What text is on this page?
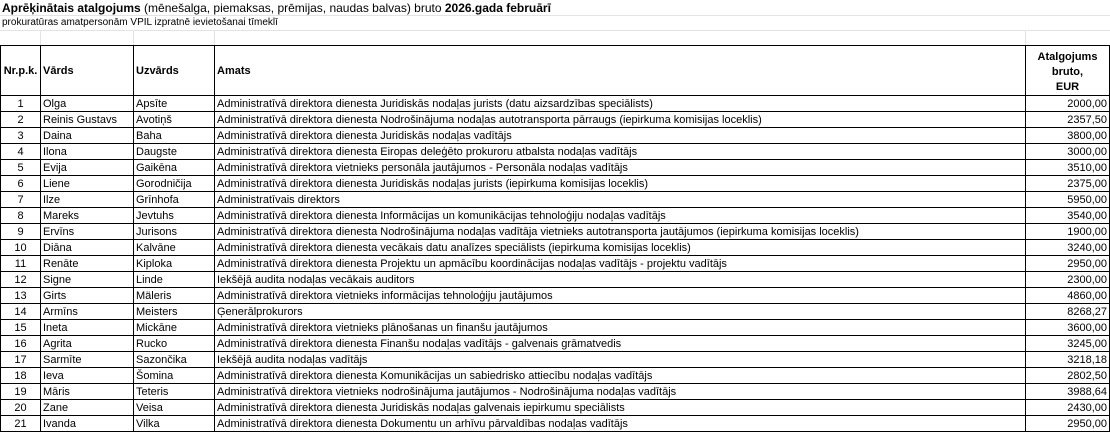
Aprēķinātais atalgojums (mēnešalga, piemaksas, prēmijas, naudas balvas) bruto 2026.gada februārī
prokuratūras amatpersonām VPIL izpratnē ievietošanai tīmeklī
Nr.p.k.	Vārds	Uzvārds	Amats	Atalgojums
bruto,
EUR
1	Olga	Apsīte	Administratīvā direktora dienesta Juridiskās nodaļas jurists (datu aizsardzības speciālists)	2000,00
2	Reinis Gustavs	Avotiņš	Administratīvā direktora dienesta Nodrošinājuma nodaļas autotransporta pārraugs (iepirkuma komisijas loceklis)	2357,50
3	Daina	Baha	Administratīvā direktora dienesta Juridiskās nodaļas vadītājs	3800,00
4	Ilona	Daugste	Administratīvā direktora dienesta Eiropas deleģēto prokuroru atbalsta nodaļas vadītājs	3000,00
5	Evija	Gaikēna	Administratīvā direktora vietnieks personāla jautājumos - Personāla nodaļas vadītājs	3510,00
6	Liene	Gorodničija	Administratīvā direktora dienesta Juridiskās nodaļas jurists (iepirkuma komisijas loceklis)	2375,00
7	Ilze	Grīnhofa	Administratīvais direktors	5950,00
8	Mareks	Jevtuhs	Administratīvā direktora dienesta Informācijas un komunikācijas tehnoloģiju nodaļas vadītājs	3540,00
9	Ervīns	Jurisons	Administratīvā direktora dienesta Nodrošinājuma nodaļas vadītāja vietnieks autotransporta jautājumos (iepirkuma komisijas loceklis)	1900,00
10	Diāna	Kalvāne	Administratīvā direktora dienesta vecākais datu analīzes speciālists (iepirkuma komisijas loceklis)	3240,00
11	Renāte	Kiploka	Administratīvā direktora dienesta Projektu un apmācību koordinācijas nodaļas vadītājs - projektu vadītājs	2950,00
12	Signe	Linde	Iekšējā audita nodaļas vecākais auditors	2300,00
13	Girts	Mäleris	Administratīvā direktora vietnieks informācijas tehnoloģiju jautājumos	4860,00
14	Armīns	Meisters	Ģenerālprokurors	8268,27
15	Ineta	Mickāne	Administratīvā direktora vietnieks plānošanas un finanšu jautājumos	3600,00
16	Agrita	Rucko	Administratīvā direktora dienesta Finanšu nodaļas vadītājs - galvenais grāmatvedis	3245,00
17	Sarmīte	Sazončika	Iekšējā audita nodaļas vadītājs	3218,18
18	Ieva	Šomina	Administratīvā direktora dienesta Komunikācijas un sabiedrisko attiecību nodaļas vadītājs	2802,50
19	Māris	Teteris	Administratīvā direktora vietnieks nodrošinājuma jautājumos - Nodrošinājuma nodaļas vadītājs	3988,64
20	Zane	Veisa	Administratīvā direktora dienesta Juridiskās nodaļas galvenais iepirkumu speciālists	2430,00
21	Ivanda	Vilka	Administratīvā direktora dienesta Dokumentu un arhīvu pārvaldības nodaļas vadītājs	2950,00
